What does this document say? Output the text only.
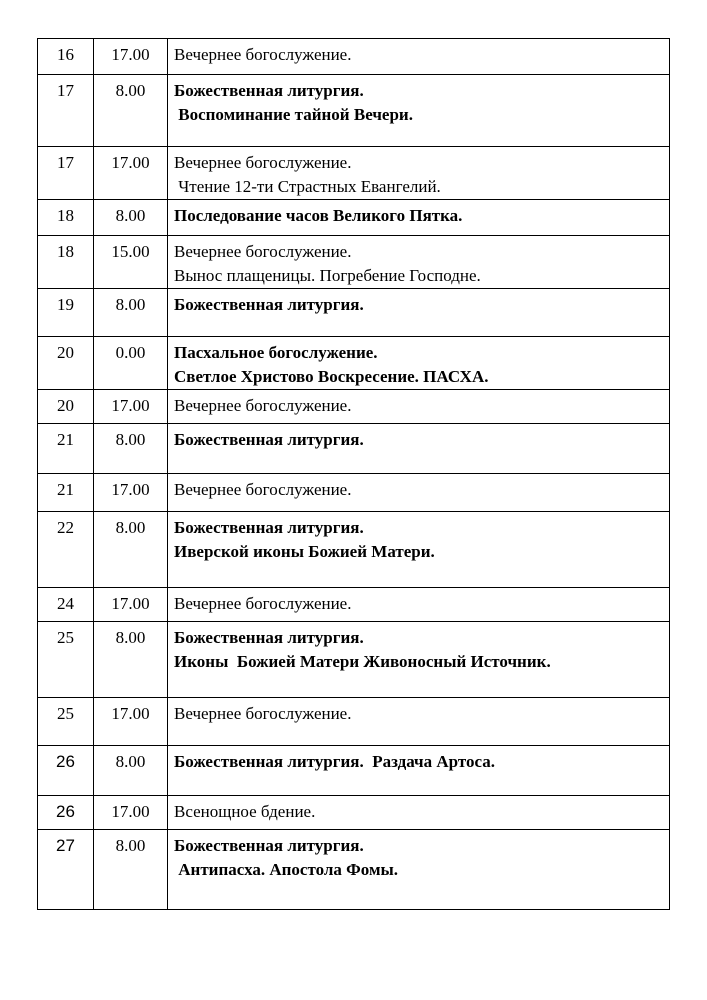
16	17.00	Вечернее богослужение.

17	8.00	Божественная литургия.
Воспоминание тайной Вечери.

17	17.00	Вечернее богослужение.
Чтение 12-ти Страстных Евангелий.

18	8.00	Последование часов Великого Пятка.

18	15.00	Вечернее богослужение.
Вынос плащеницы. Погребение Господне.

19	8.00	Божественная литургия.

20	0.00	Пасхальное богослужение.
Светлое Христово Воскресение. ПАСХА.

20	17.00	Вечернее богослужение.

21	8.00	Божественная литургия.

21	17.00	Вечернее богослужение.

22	8.00	Божественная литургия.
Иверской иконы Божией Матери.

24	17.00	Вечернее богослужение.

25	8.00	Божественная литургия.
Иконы  Божией Матери Живоносный Источник.

25	17.00	Вечернее богослужение.

26	8.00	Божественная литургия.  Раздача Артоса.

26	17.00	Всенощное бдение.

27	8.00	Божественная литургия.
Антипасха. Апостола Фомы.
